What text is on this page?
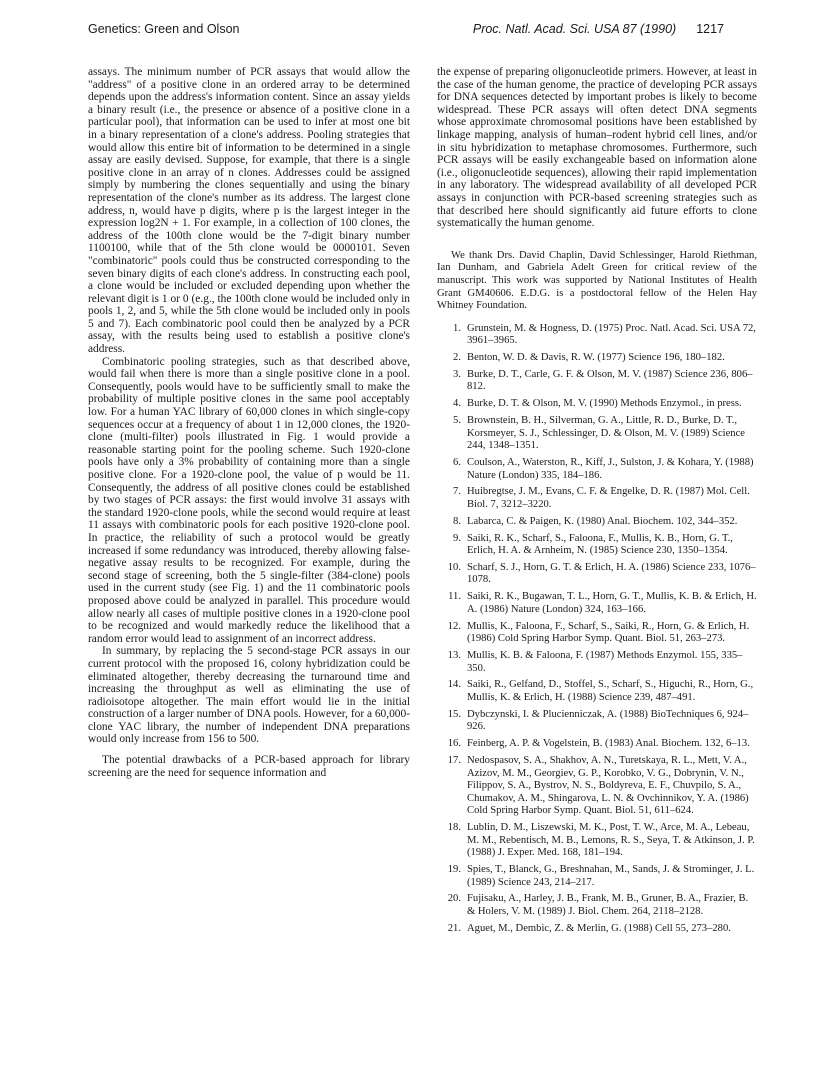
Genetics: Green and Olson	Proc. Natl. Acad. Sci. USA 87 (1990) 1217

assays. The minimum number of PCR assays that would allow the "address" of a positive clone in an ordered array to be determined depends upon the address's information content. Since an assay yields a binary result (i.e., the presence or absence of a positive clone in a particular pool), that information can be used to infer at most one bit in a binary representation of a clone's address. Pooling strategies that would allow this entire bit of information to be determined in a single assay are easily devised. Suppose, for example, that there is a single positive clone in an array of n clones. Addresses could be assigned simply by numbering the clones sequentially and using the binary representation of the clone's number as its address. The largest clone address, n, would have p digits, where p is the largest integer in the expression log2N + 1. For example, in a collection of 100 clones, the address of the 100th clone would be the 7-digit binary number 1100100, while that of the 5th clone would be 0000101. Seven "combinatoric" pools could thus be constructed corresponding to the seven binary digits of each clone's address. In constructing each pool, a clone would be included or excluded depending upon whether the relevant digit is 1 or 0 (e.g., the 100th clone would be included only in pools 1, 2, and 5, while the 5th clone would be included only in pools 5 and 7). Each combinatoric pool could then be analyzed by a PCR assay, with the results being used to establish a positive clone's address.

Combinatoric pooling strategies, such as that described above, would fail when there is more than a single positive clone in a pool. Consequently, pools would have to be sufficiently small to make the probability of multiple positive clones in the same pool acceptably low. For a human YAC library of 60,000 clones in which single-copy sequences occur at a frequency of about 1 in 12,000 clones, the 1920-clone (multi-filter) pools illustrated in Fig. 1 would provide a reasonable starting point for the pooling scheme. Such 1920-clone pools have only a 3% probability of containing more than a single positive clone. For a 1920-clone pool, the value of p would be 11. Consequently, the address of all positive clones could be established by two stages of PCR assays: the first would involve 31 assays with the standard 1920-clone pools, while the second would require at least 11 assays with combinatoric pools for each positive 1920-clone pool. In practice, the reliability of such a protocol would be greatly increased if some redundancy was introduced, thereby allowing false-negative assay results to be recognized. For example, during the second stage of screening, both the 5 single-filter (384-clone) pools used in the current study (see Fig. 1) and the 11 combinatoric pools proposed above could be analyzed in parallel. This procedure would allow nearly all cases of multiple positive clones in a 1920-clone pool to be recognized and would markedly reduce the likelihood that a random error would lead to assignment of an incorrect address.

In summary, by replacing the 5 second-stage PCR assays in our current protocol with the proposed 16, colony hybridization could be eliminated altogether, thereby decreasing the turnaround time and increasing the throughput as well as eliminating the use of radioisotope altogether. The main effort would lie in the initial construction of a larger number of DNA pools. However, for a 60,000-clone YAC library, the number of independent DNA preparations would only increase from 156 to 500.

The potential drawbacks of a PCR-based approach for library screening are the need for sequence information and

the expense of preparing oligonucleotide primers. However, at least in the case of the human genome, the practice of developing PCR assays for DNA sequences detected by important probes is likely to become widespread. These PCR assays will often detect DNA segments whose approximate chromosomal positions have been established by linkage mapping, analysis of human–rodent hybrid cell lines, and/or in situ hybridization to metaphase chromosomes. Furthermore, such PCR assays will be easily exchangeable based on information alone (i.e., oligonucleotide sequences), allowing their rapid implementation in any laboratory. The widespread availability of all developed PCR assays in conjunction with PCR-based screening strategies such as that described here should significantly aid future efforts to clone systematically the human genome.

We thank Drs. David Chaplin, David Schlessinger, Harold Riethman, Ian Dunham, and Gabriela Adelt Green for critical review of the manuscript. This work was supported by National Institutes of Health Grant GM40606. E.D.G. is a postdoctoral fellow of the Helen Hay Whitney Foundation.

1. Grunstein, M. & Hogness, D. (1975) Proc. Natl. Acad. Sci. USA 72, 3961–3965.
2. Benton, W. D. & Davis, R. W. (1977) Science 196, 180–182.
3. Burke, D. T., Carle, G. F. & Olson, M. V. (1987) Science 236, 806–812.
4. Burke, D. T. & Olson, M. V. (1990) Methods Enzymol., in press.
5. Brownstein, B. H., Silverman, G. A., Little, R. D., Burke, D. T., Korsmeyer, S. J., Schlessinger, D. & Olson, M. V. (1989) Science 244, 1348–1351.
6. Coulson, A., Waterston, R., Kiff, J., Sulston, J. & Kohara, Y. (1988) Nature (London) 335, 184–186.
7. Huibregtse, J. M., Evans, C. F. & Engelke, D. R. (1987) Mol. Cell. Biol. 7, 3212–3220.
8. Labarca, C. & Paigen, K. (1980) Anal. Biochem. 102, 344–352.
9. Saiki, R. K., Scharf, S., Faloona, F., Mullis, K. B., Horn, G. T., Erlich, H. A. & Arnheim, N. (1985) Science 230, 1350–1354.
10. Scharf, S. J., Horn, G. T. & Erlich, H. A. (1986) Science 233, 1076–1078.
11. Saiki, R. K., Bugawan, T. L., Horn, G. T., Mullis, K. B. & Erlich, H. A. (1986) Nature (London) 324, 163–166.
12. Mullis, K., Faloona, F., Scharf, S., Saiki, R., Horn, G. & Erlich, H. (1986) Cold Spring Harbor Symp. Quant. Biol. 51, 263–273.
13. Mullis, K. B. & Faloona, F. (1987) Methods Enzymol. 155, 335–350.
14. Saiki, R., Gelfand, D., Stoffel, S., Scharf, S., Higuchi, R., Horn, G., Mullis, K. & Erlich, H. (1988) Science 239, 487–491.
15. Dybczynski, I. & Plucienniczak, A. (1988) BioTechniques 6, 924–926.
16. Feinberg, A. P. & Vogelstein, B. (1983) Anal. Biochem. 132, 6–13.
17. Nedospasov, S. A., Shakhov, A. N., Turetskaya, R. L., Mett, V. A., Azizov, M. M., Georgiev, G. P., Korobko, V. G., Dobrynin, V. N., Filippov, S. A., Bystrov, N. S., Boldyreva, E. F., Chuvpilo, S. A., Chumakov, A. M., Shingarova, L. N. & Ovchinnikov, Y. A. (1986) Cold Spring Harbor Symp. Quant. Biol. 51, 611–624.
18. Lublin, D. M., Liszewski, M. K., Post, T. W., Arce, M. A., Lebeau, M. M., Rebentisch, M. B., Lemons, R. S., Seya, T. & Atkinson, J. P. (1988) J. Exper. Med. 168, 181–194.
19. Spies, T., Blanck, G., Breshnahan, M., Sands, J. & Strominger, J. L. (1989) Science 243, 214–217.
20. Fujisaku, A., Harley, J. B., Frank, M. B., Gruner, B. A., Frazier, B. & Holers, V. M. (1989) J. Biol. Chem. 264, 2118–2128.
21. Aguet, M., Dembic, Z. & Merlin, G. (1988) Cell 55, 273–280.
